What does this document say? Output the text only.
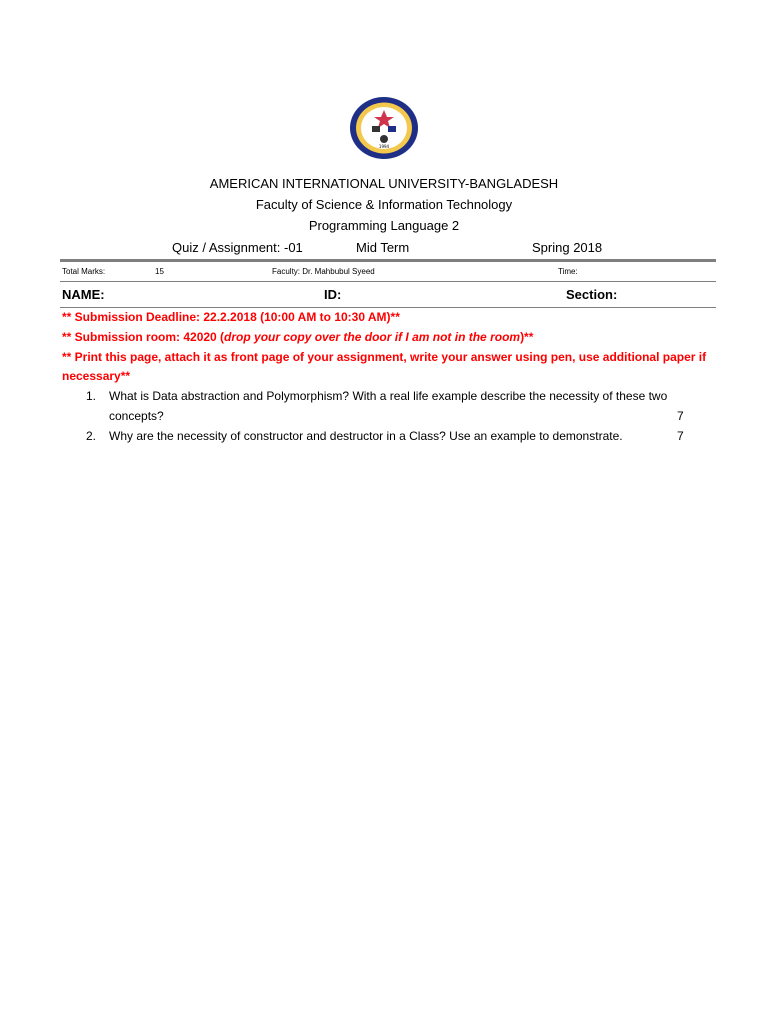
1994
AMERICAN INTERNATIONAL UNIVERSITY-BANGLADESH
Faculty of Science & Information Technology
Programming Language 2
Quiz / Assignment: -01	Mid Term	Spring 2018
Total Marks:	15	Faculty: Dr. Mahbubul Syeed	Time:
NAME:	ID:	Section:
** Submission Deadline: 22.2.2018 (10:00 AM to 10:30 AM)**
** Submission room: 42020 (drop your copy over the door if I am not in the room)**
** Print this page, attach it as front page of your assignment, write your answer using pen, use additional paper if necessary**
1. What is Data abstraction and Polymorphism? With a real life example describe the necessity of these two
concepts?	7
2. Why are the necessity of constructor and destructor in a Class? Use an example to demonstrate.	7
